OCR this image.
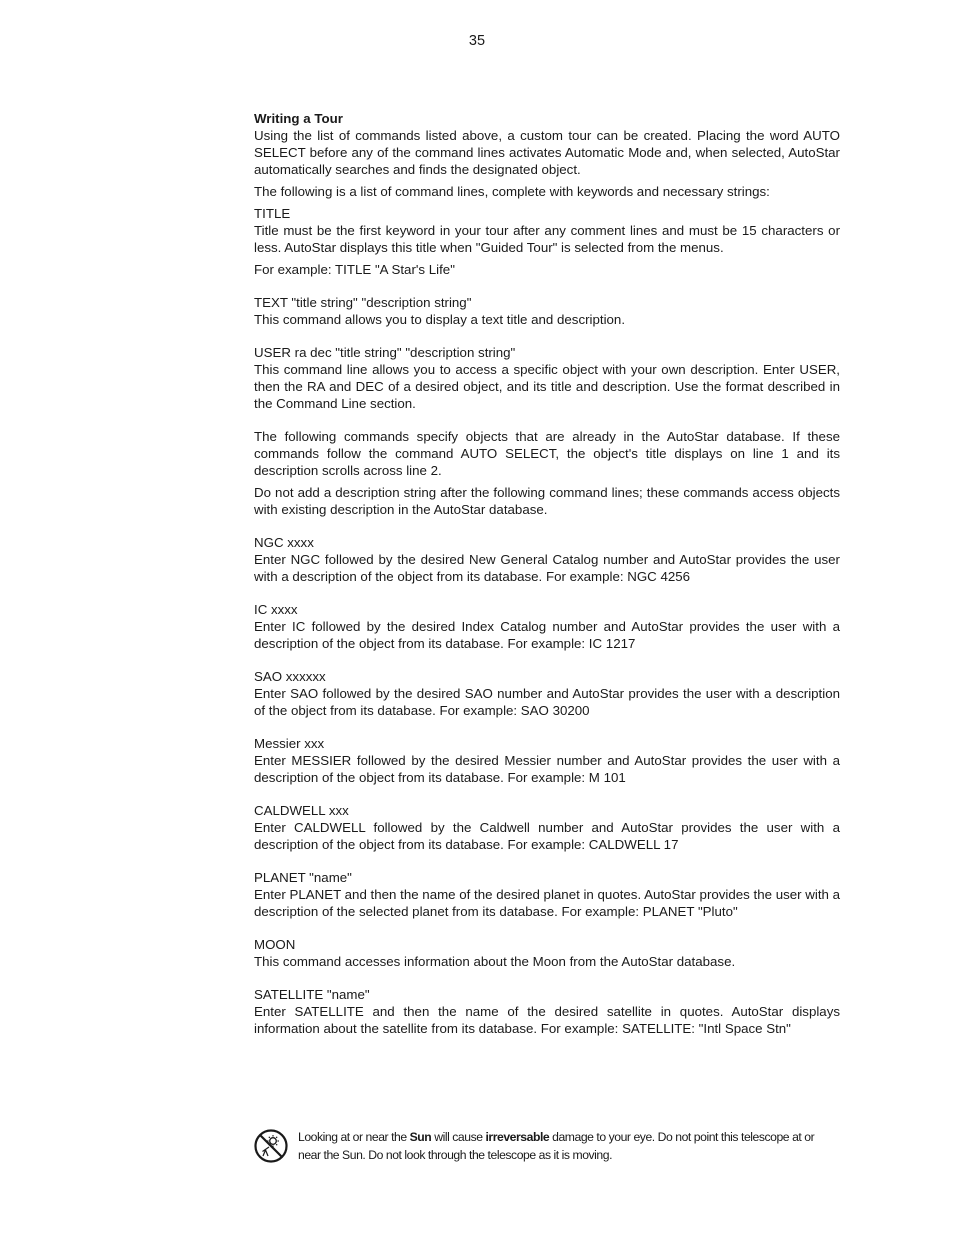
35

Writing a Tour

Using the list of commands listed above, a custom tour can be created. Placing the word AUTO SELECT before any of the command lines activates Automatic Mode and, when selected, AutoStar automatically searches and finds the designated object.

The following is a list of command lines, complete with keywords and necessary strings:

TITLE

Title must be the first keyword in your tour after any comment lines and must be 15 characters or less. AutoStar displays this title when "Guided Tour" is selected from the menus.

For example: TITLE "A Star's Life"

TEXT "title string" "description string"

This command allows you to display a text title and description.

USER ra dec "title string" "description string"

This command line allows you to access a specific object with your own description. Enter USER, then the RA and DEC of a desired object, and its title and description. Use the format described in the Command Line section.

The following commands specify objects that are already in the AutoStar database. If these commands follow the command AUTO SELECT, the object's title displays on line 1 and its description scrolls across line 2.

Do not add a description string after the following command lines; these commands access objects with existing description in the AutoStar database.

NGC xxxx

Enter NGC followed by the desired New General Catalog number and AutoStar provides the user with a description of the object from its database. For example: NGC 4256

IC xxxx

Enter IC followed by the desired Index Catalog number and AutoStar provides the user with a description of the object from its database. For example: IC 1217

SAO xxxxxx

Enter SAO followed by the desired SAO number and AutoStar provides the user with a description of the object from its database. For example: SAO 30200

Messier xxx

Enter MESSIER followed by the desired Messier number and AutoStar provides the user with a description of the object from its database. For example: M 101

CALDWELL xxx

Enter CALDWELL followed by the Caldwell number and AutoStar provides the user with a description of the object from its database. For example: CALDWELL 17

PLANET "name"

Enter PLANET and then the name of the desired planet in quotes. AutoStar provides the user with a description of the selected planet from its database. For example: PLANET "Pluto"

MOON

This command accesses information about the Moon from the AutoStar database.

SATELLITE "name"

Enter SATELLITE and then the name of the desired satellite in quotes. AutoStar displays information about the satellite from its database. For example: SATELLITE: "Intl Space Stn"

Looking at or near the Sun will cause irreversable damage to your eye. Do not point this telescope at or near the Sun. Do not look through the telescope as it is moving.
